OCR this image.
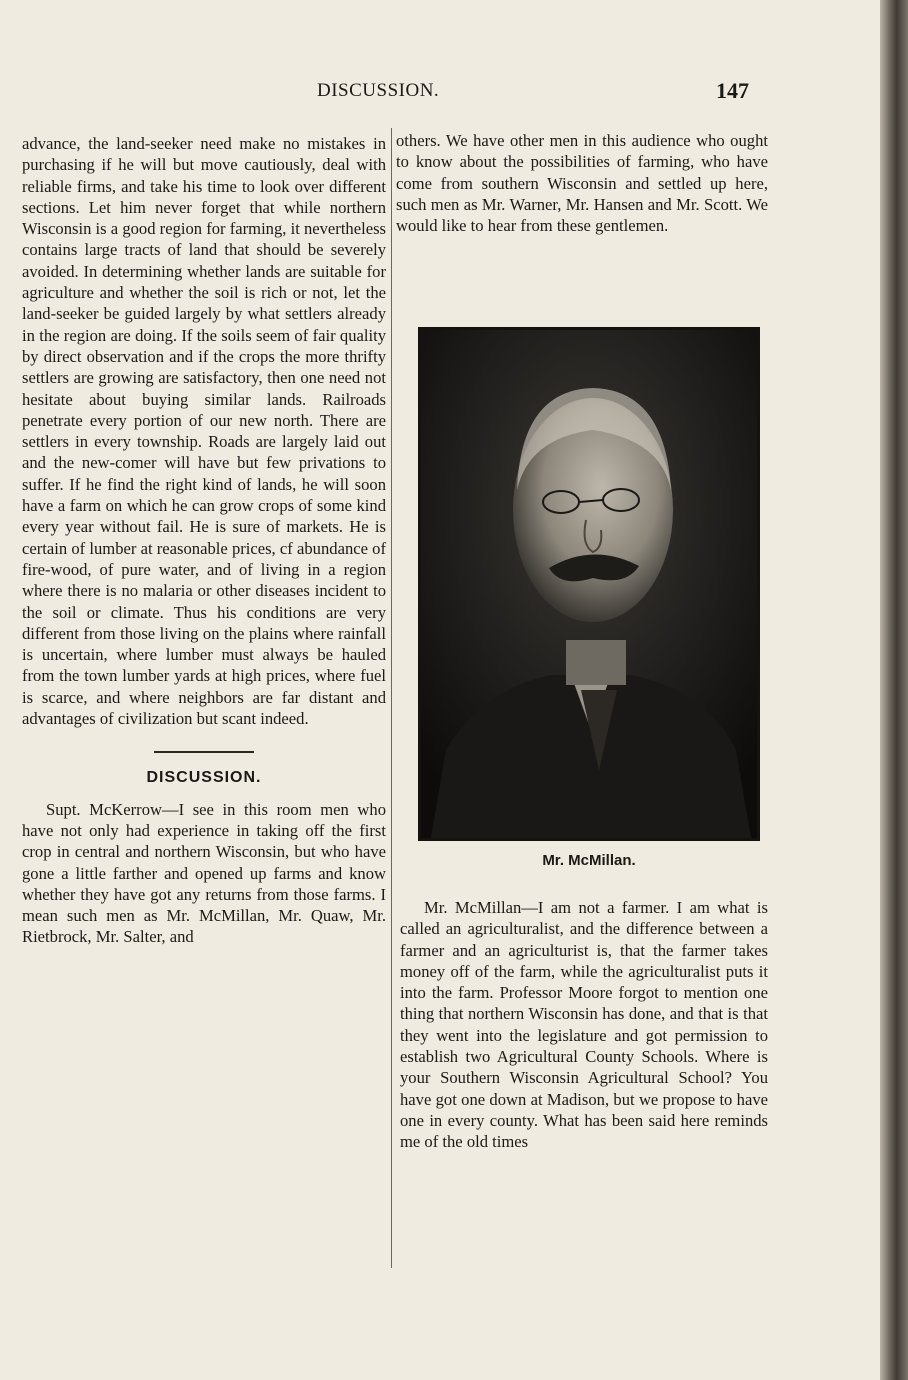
DISCUSSION.	147

advance, the land-seeker need make no mistakes in purchasing if he will but move cautiously, deal with reliable firms, and take his time to look over different sections. Let him never forget that while northern Wisconsin is a good region for farming, it nevertheless contains large tracts of land that should be severely avoided. In determining whether lands are suitable for agriculture and whether the soil is rich or not, let the land-seeker be guided largely by what settlers already in the region are doing. If the soils seem of fair quality by direct observation and if the crops the more thrifty settlers are growing are satisfactory, then one need not hesitate about buying similar lands. Railroads penetrate every portion of our new north. There are settlers in every township. Roads are largely laid out and the new-comer will have but few privations to suffer. If he find the right kind of lands, he will soon have a farm on which he can grow crops of some kind every year without fail. He is sure of markets. He is certain of lumber at reasonable prices, cf abundance of fire-wood, of pure water, and of living in a region where there is no malaria or other diseases incident to the soil or climate. Thus his conditions are very different from those living on the plains where rainfall is uncertain, where lumber must always be hauled from the town lumber yards at high prices, where fuel is scarce, and where neighbors are far distant and advantages of civilization but scant indeed.

DISCUSSION.

Supt. McKerrow—I see in this room men who have not only had experience in taking off the first crop in central and northern Wisconsin, but who have gone a little farther and opened up farms and know whether they have got any returns from those farms. I mean such men as Mr. McMillan, Mr. Quaw, Mr. Rietbrock, Mr. Salter, and

others. We have other men in this audience who ought to know about the possibilities of farming, who have come from southern Wisconsin and settled up here, such men as Mr. Warner, Mr. Hansen and Mr. Scott. We would like to hear from these gentlemen.

Mr. McMillan.

Mr. McMillan—I am not a farmer. I am what is called an agriculturalist, and the difference between a farmer and an agriculturist is, that the farmer takes money off of the farm, while the agriculturalist puts it into the farm. Professor Moore forgot to mention one thing that northern Wisconsin has done, and that is that they went into the legislature and got permission to establish two Agricultural County Schools. Where is your Southern Wisconsin Agricultural School? You have got one down at Madison, but we propose to have one in every county. What has been said here reminds me of the old times
